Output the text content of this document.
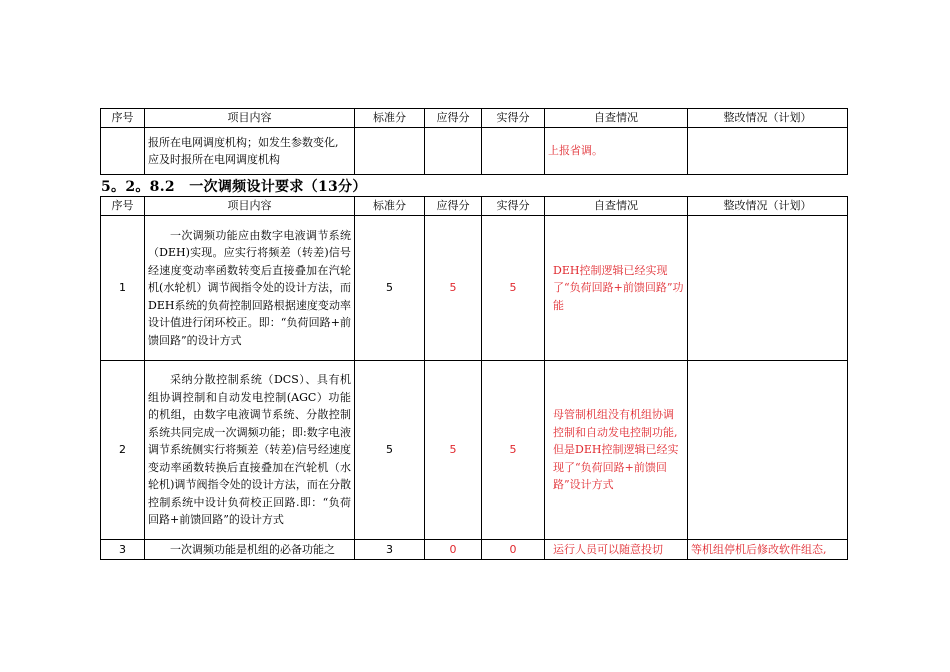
序号	项目内容	标准分	应得分	实得分	自查情况	整改情况（计划）

	报所在电网调度机构；如发生参数变化,
应及时报所在电网调度机构				上报省调。	
5。2。8.2　一次调频设计要求（13分）
序号	项目内容	标准分	应得分	实得分	自查情况	整改情况（计划）
1	一次调频功能应由数字电液调节系统（DEH)实现。应实行将频差（转差)信号经速度变动率函数转变后直接叠加在汽轮机(水轮机）调节阀指令处的设计方法，而DEH系统的负荷控制回路根据速度变动率设计值进行闭环校正。即：“负荷回路+前馈回路”的设计方式	5	5	5	DEH控制逻辑已经实现了“负荷回路+前馈回路”功能	
2	采纳分散控制系统（DCS）、具有机组协调控制和自动发电控制(AGC）功能的机组，由数字电液调节系统、分散控制系统共同完成一次调频功能；即:数字电液调节系统侧实行将频差（转差)信号经速度变动率函数转换后直接叠加在汽轮机（水轮机)调节阀指令处的设计方法，而在分散控制系统中设计负荷校正回路.即：“负荷回路+前馈回路”的设计方式	5	5	5	母管制机组没有机组协调控制和自动发电控制功能,但是DEH控制逻辑已经实现了“负荷回路+前馈回路”设计方式	
3	一次调频功能是机组的必备功能之	3	0	0	运行人员可以随意投切	等机组停机后修改软件组态,
